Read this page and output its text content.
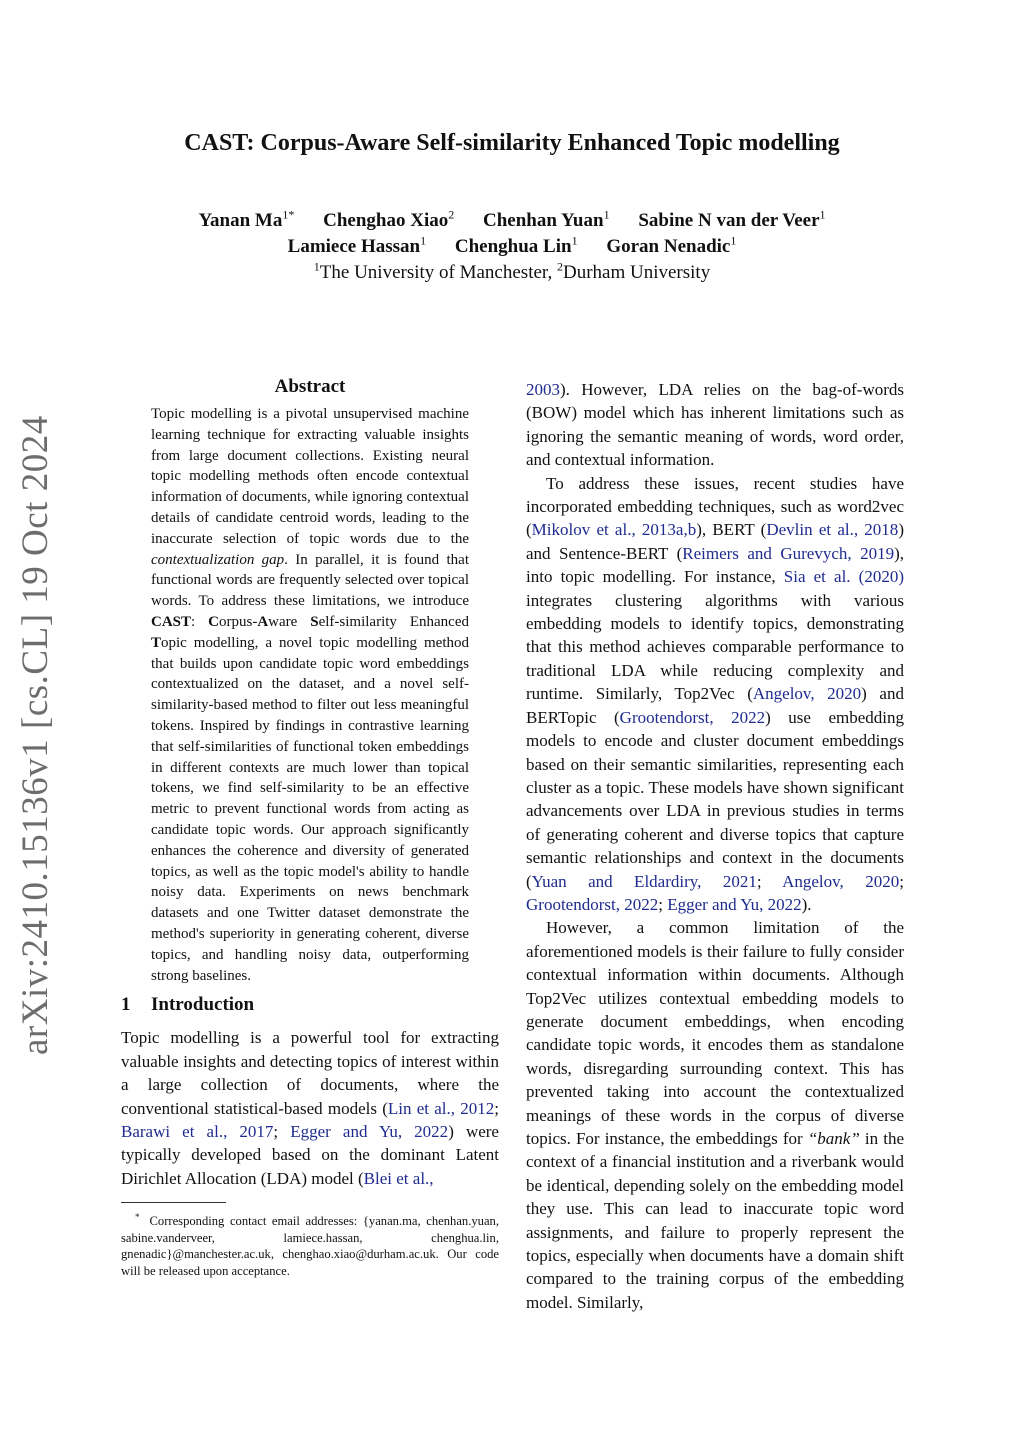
CAST: Corpus-Aware Self-similarity Enhanced Topic modelling
Yanan $Ma^{1*}$ Chenghao Xiao$^2$ Chenhan Yuan$^1$ Sabine N van der Veer$^1$
Lamiece Hassan$^1$ Chenghua Lin$^1$ Goran Nenadic$^1$
$^1$The University of Manchester, $^2$Durham University
arXiv:2410.15136v1 [cs.CL] 19 Oct 2024
Abstract

Topic modelling is a pivotal unsupervised machine learning technique for extracting valuable insights from large document collections. Existing neural topic modelling methods often encode contextual information of documents, while ignoring contextual details of candidate centroid words, leading to the inaccurate selection of topic words due to the contextualization gap. In parallel, it is found that functional words are frequently selected over topical words. To address these limitations, we introduce CAST: Corpus-Aware Self-similarity Enhanced Topic modelling, a novel topic modelling method that builds upon candidate topic word embeddings contextualized on the dataset, and a novel self-similarity-based method to filter out less meaningful tokens. Inspired by findings in contrastive learning that self-similarities of functional token embeddings in different contexts are much lower than topical tokens, we find self-similarity to be an effective metric to prevent functional words from acting as candidate topic words. Our approach significantly enhances the coherence and diversity of generated topics, as well as the topic model's ability to handle noisy data. Experiments on news benchmark datasets and one Twitter dataset demonstrate the method's superiority in generating coherent, diverse topics, and handling noisy data, outperforming strong baselines.

1 Introduction

Topic modelling is a powerful tool for extracting valuable insights and detecting topics of interest within a large collection of documents, where the conventional statistical-based models (Lin et al., 2012; Barawi et al., 2017; Egger and Yu, 2022) were typically developed based on the dominant Latent Dirichlet Allocation (LDA) model (Blei et al.,

* Corresponding contact email addresses: {yanan.ma, chenhan.yuan, sabine.vanderveer, lamiece.hassan, chenghua.lin, gnenadic}@manchester.ac.uk, chenghao.xiao@durham.ac.uk. Our code will be released upon acceptance.

2003). However, LDA relies on the bag-of-words (BOW) model which has inherent limitations such as ignoring the semantic meaning of words, word order, and contextual information.

To address these issues, recent studies have incorporated embedding techniques, such as word2vec (Mikolov et al., 2013a,b), BERT (Devlin et al., 2018) and Sentence-BERT (Reimers and Gurevych, 2019), into topic modelling. For instance, Sia et al. (2020) integrates clustering algorithms with various embedding models to identify topics, demonstrating that this method achieves comparable performance to traditional LDA while reducing complexity and runtime. Similarly, Top2Vec (Angelov, 2020) and BERTopic (Grootendorst, 2022) use embedding models to encode and cluster document embeddings based on their semantic similarities, representing each cluster as a topic. These models have shown significant advancements over LDA in previous studies in terms of generating coherent and diverse topics that capture semantic relationships and context in the documents (Yuan and Eldardiry, 2021; Angelov, 2020; Grootendorst, 2022; Egger and Yu, 2022).

However, a common limitation of the aforementioned models is their failure to fully consider contextual information within documents. Although Top2Vec utilizes contextual embedding models to generate document embeddings, when encoding candidate topic words, it encodes them as standalone words, disregarding surrounding context. This has prevented taking into account the contextualized meanings of these words in the corpus of diverse topics. For instance, the embeddings for “bank” in the context of a financial institution and a riverbank would be identical, depending solely on the embedding model they use. This can lead to inaccurate topic word assignments, and failure to properly represent the topics, especially when documents have a domain shift compared to the training corpus of the embedding model. Similarly,
